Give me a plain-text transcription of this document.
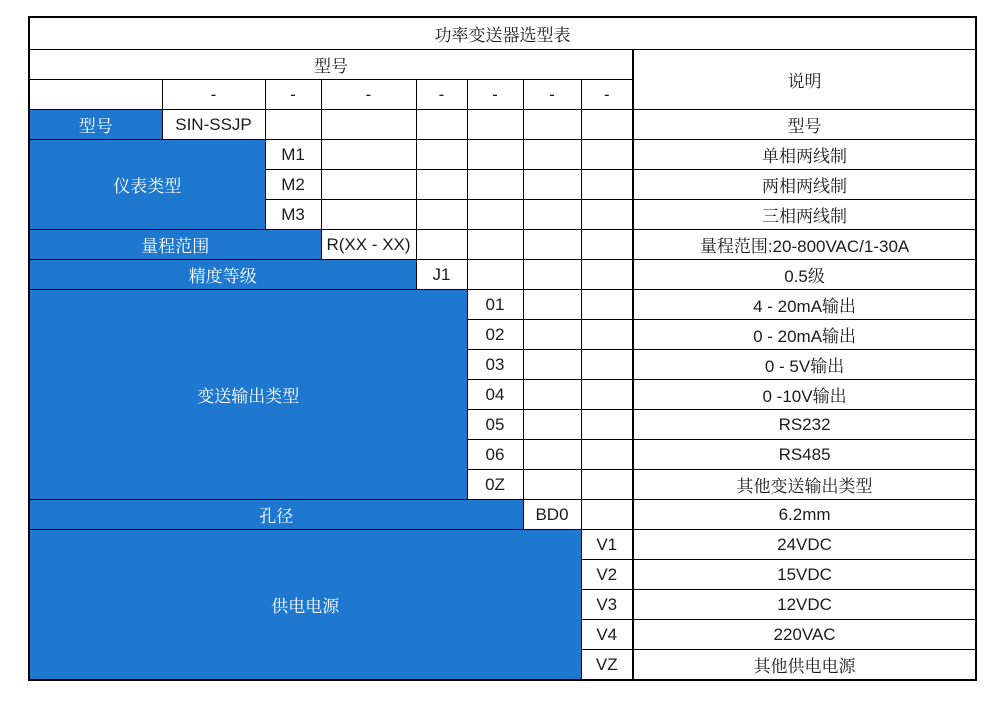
功率变送器选型表								
型号								说明
	-	-	-	-	-	-	-	
型号	SIN-SSJP							型号
仪表类型		M1						单相两线制
		M2						两相两线制
		M3						三相两线制
量程范围			R(XX - XX)					量程范围:20-800VAC/1-30A
精度等级				J1				0.5级
变送输出类型					01			4 - 20mA输出
					02			0 - 20mA输出
					03			0 - 5V输出
					04			0 -10V输出
					05			RS232
					06			RS485
					0Z			其他变送输出类型
孔径						BD0		6.2mm
供电电源							V1	24VDC
							V2	15VDC
							V3	12VDC
							V4	220VAC
							VZ	其他供电电源
